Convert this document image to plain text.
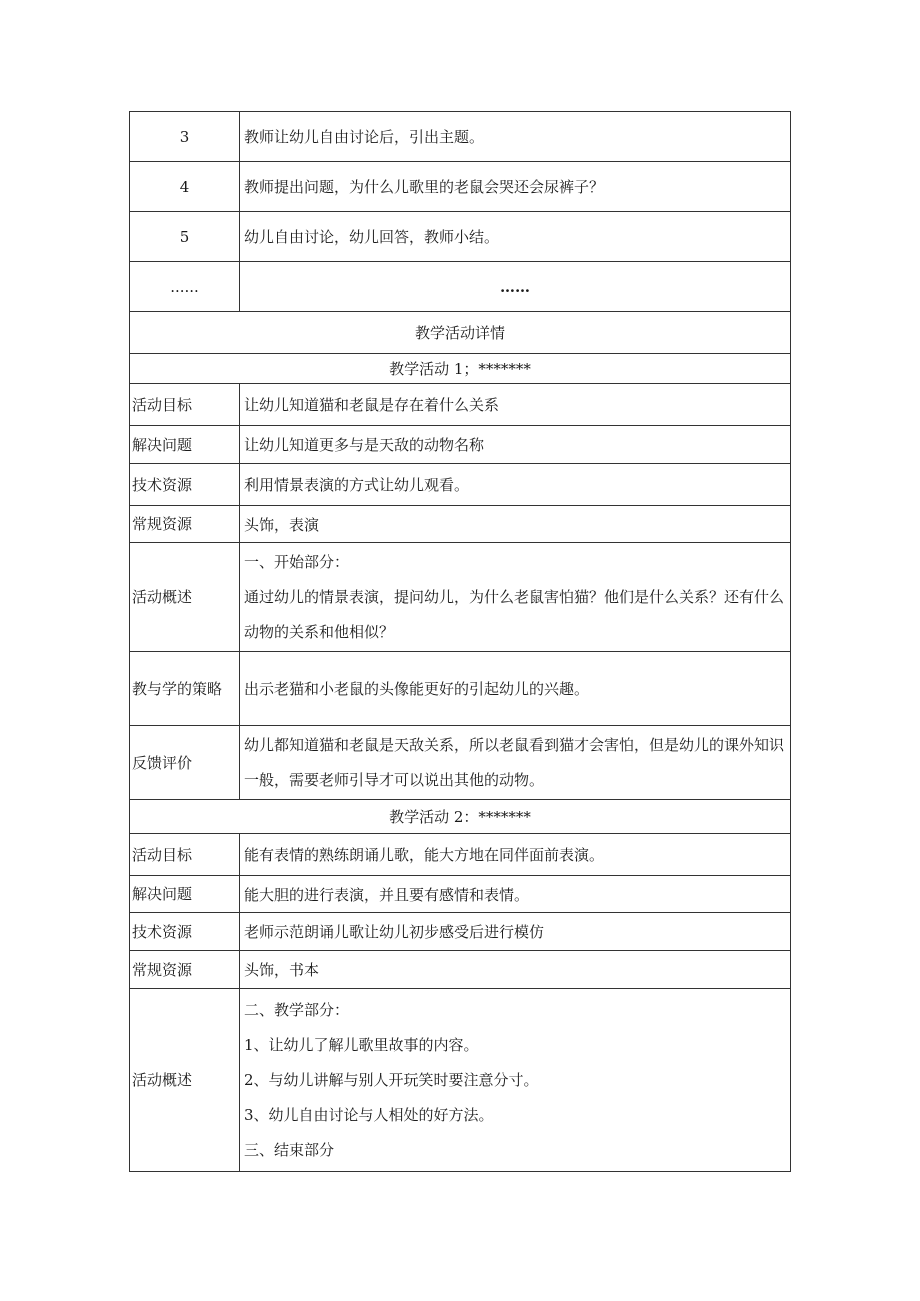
3	教师让幼儿自由讨论后，引出主题。
4	教师提出问题，为什么儿歌里的老鼠会哭还会尿裤子？
5	幼儿自由讨论，幼儿回答，教师小结。
......	……
教学活动详情	
教学活动 1；*******	
活动目标	让幼儿知道猫和老鼠是存在着什么关系
解决问题	让幼儿知道更多与是天敌的动物名称
技术资源	利用情景表演的方式让幼儿观看。
常规资源	头饰，表演
活动概述	一、开始部分：
通过幼儿的情景表演，提问幼儿，为什么老鼠害怕猫？他们是什么关系？还有什么动物的关系和他相似？

教与学的策略	出示老猫和小老鼠的头像能更好的引起幼儿的兴趣。
反馈评价	幼儿都知道猫和老鼠是天敌关系，所以老鼠看到猫才会害怕，但是幼儿的课外知识一般，需要老师引导才可以说出其他的动物。
教学活动 2：*******	
活动目标	能有表情的熟练朗诵儿歌，能大方地在同伴面前表演。
解决问题	能大胆的进行表演，并且要有感情和表情。
技术资源	老师示范朗诵儿歌让幼儿初步感受后进行模仿
常规资源	头饰，书本
活动概述	二、教学部分：
1、让幼儿了解儿歌里故事的内容。
2、与幼儿讲解与别人开玩笑时要注意分寸。
3、幼儿自由讨论与人相处的好方法。
三、结束部分
